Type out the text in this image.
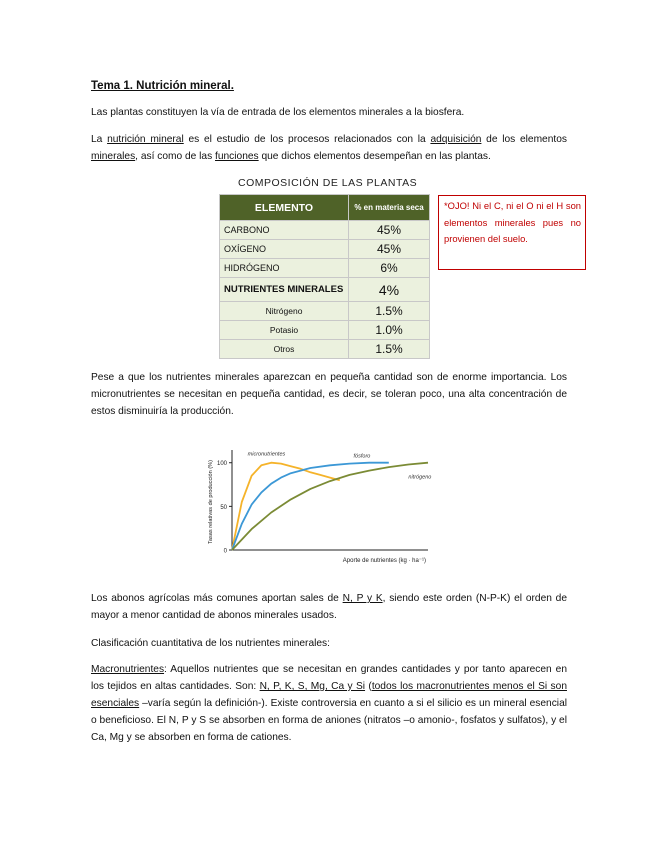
Tema 1. Nutrición mineral.
Las plantas constituyen la vía de entrada de los elementos minerales a la biosfera.
La nutrición mineral es el estudio de los procesos relacionados con la adquisición de los elementos minerales, así como de las funciones que dichos elementos desempeñan en las plantas.
COMPOSICIÓN DE LAS PLANTAS
ELEMENTO	% en materia seca
CARBONO	45%
OXÍGENO	45%
HIDRÓGENO	6%
NUTRIENTES MINERALES	4%
Nitrógeno	1.5%
Potasio	1.0%
Otros	1.5%
*OJO! Ni el C, ni el O ni el H son elementos minerales pues no provienen del suelo.
Pese a que los nutrientes minerales aparezcan en pequeña cantidad son de enorme importancia. Los micronutrientes se necesitan en pequeña cantidad, es decir, se toleran poco, una alta concentración de estos disminuiría la producción.
0
50
100
Tasas relativas de producción (%)
Aporte de nutrientes (kg · ha⁻¹)
micronutrientes	fósforo
nitrógeno
Los abonos agrícolas más comunes aportan sales de N, P y K, siendo este orden (N-P-K) el orden de mayor a menor cantidad de abonos minerales usados.
Clasificación cuantitativa de los nutrientes minerales:
Macronutrientes: Aquellos nutrientes que se necesitan en grandes cantidades y por tanto aparecen en los tejidos en altas cantidades. Son: N, P, K, S, Mg, Ca y Si (todos los macronutrientes menos el Si son esenciales –varía según la definición-). Existe controversia en cuanto a si el silicio es un mineral esencial o beneficioso. El N, P y S se absorben en forma de aniones (nitratos –o amonio-, fosfatos y sulfatos), y el Ca, Mg y se absorben en forma de cationes.
